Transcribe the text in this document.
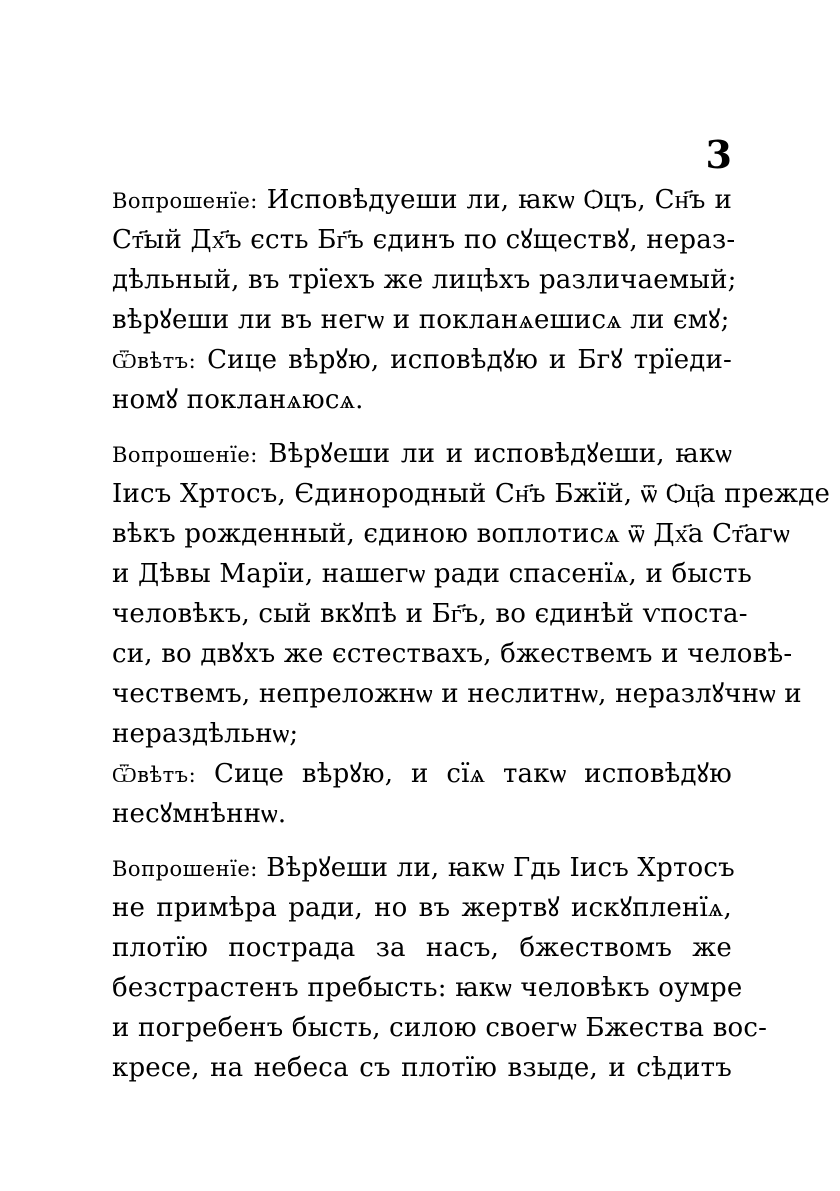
3
Вопрошенїе: Исповѣдуеши ли, ꙗкѡ Ѻцъ, Сн҃ъ и
Ст҃ый Дх҃ъ єсть Бг҃ъ єдинъ по сꙋществꙋ, нераз-
дѣльный, въ трїехъ же лицѣхъ различаемый;
вѣрꙋеши ли въ негѡ и покланѧешисѧ ли ємꙋ;
Ѿвѣтъ: Сице вѣрꙋю, исповѣдꙋю и Бгꙋ трїеди-
номꙋ покланѧюсѧ.
Вопрошенїе: Вѣрꙋеши ли и исповѣдꙋеши, ꙗкѡ
Іисъ Хртосъ, Єдинородный Сн҃ъ Бжїй, ѿ Ѻц҃а прежде
вѣкъ рожденный, єдиною воплотисѧ ѿ Дх҃а Ст҃агѡ
и Дѣвы Марїи, нашегѡ ради спасенїѧ, и бысть
человѣкъ, сый вкꙋпѣ и Бг҃ъ, во єдинѣй ѵпоста-
си, во двꙋхъ же єстествахъ, бжествемъ и человѣ-
чествемъ, непреложнѡ и неслитнѡ, неразлꙋчнѡ и
нераздѣльнѡ;
Ѿвѣтъ: Сице вѣрꙋю, и сїѧ такѡ исповѣдꙋю
несꙋмнѣннѡ.
Вопрошенїе: Вѣрꙋеши ли, ꙗкѡ Гдь Іисъ Хртосъ
не примѣра ради, но въ жертвꙋ искꙋпленїѧ,
плотїю пострада за насъ, бжествомъ же
безстрастенъ пребысть: ꙗкѡ человѣкъ оумре
и погребенъ бысть, силою своегѡ Бжества вос-
кресе, на небеса съ плотїю взыде, и сѣдитъ
